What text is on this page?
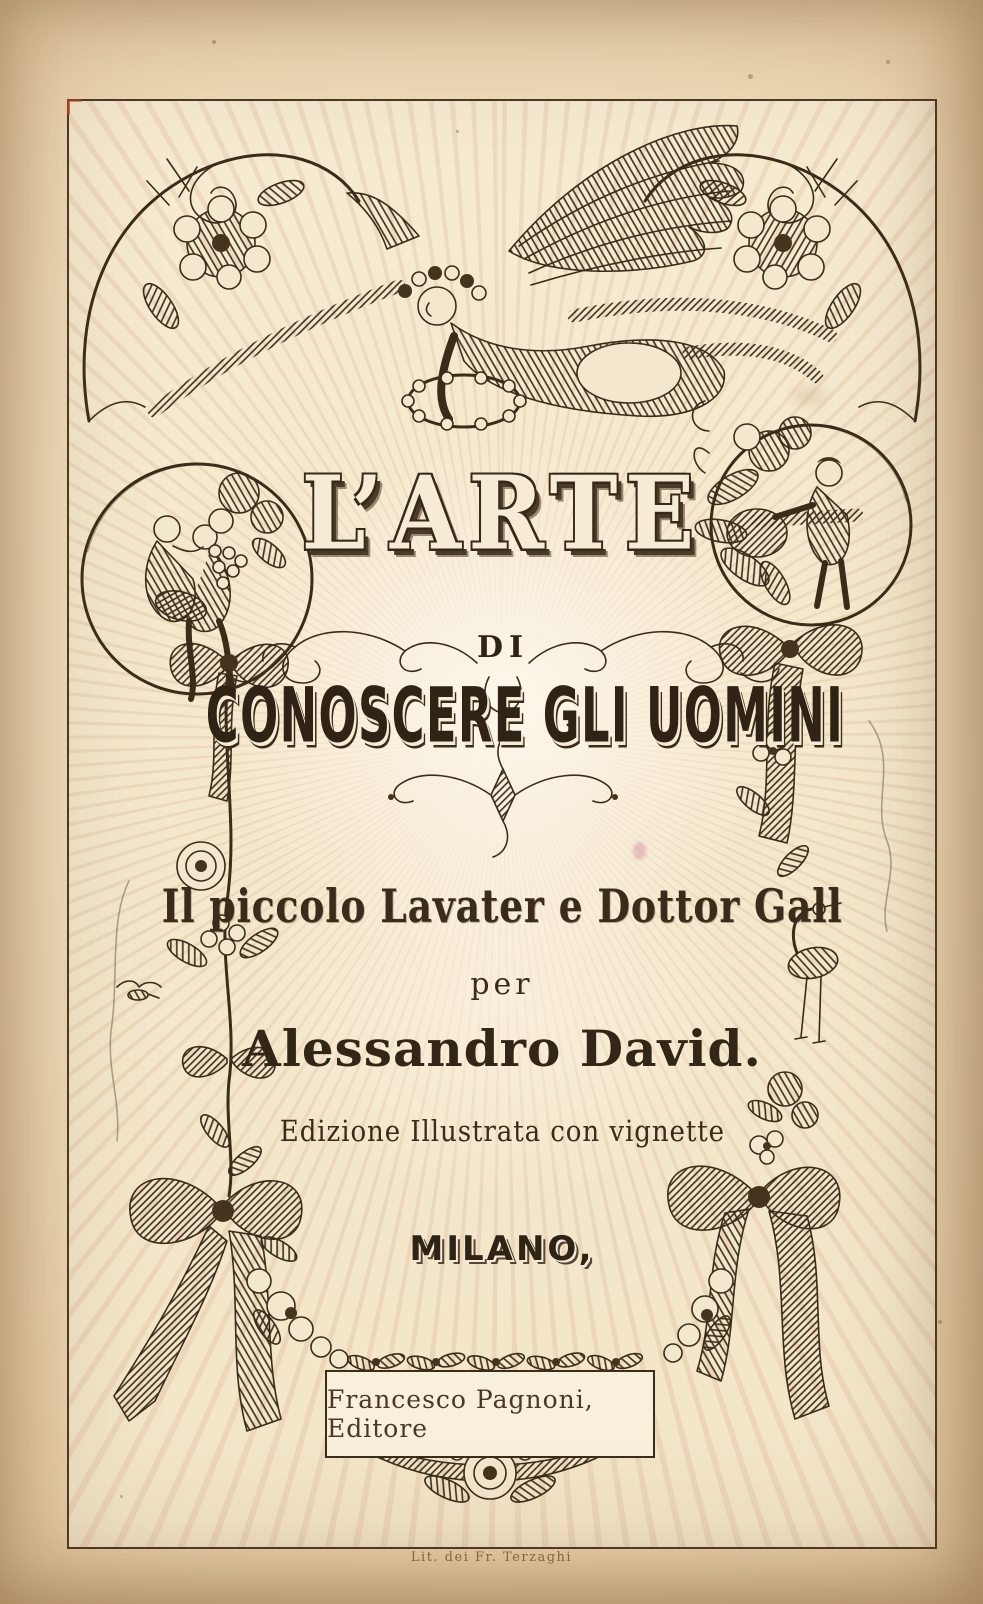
DI
L’ARTE
CONOSCERE GLI UOMINI
Il piccolo Lavater e Dottor Gall
per
Alessandro David.
Edizione Illustrata con vignette
MILANO,
Francesco Pagnoni, Editore
Lit. dei Fr. Terzaghi
